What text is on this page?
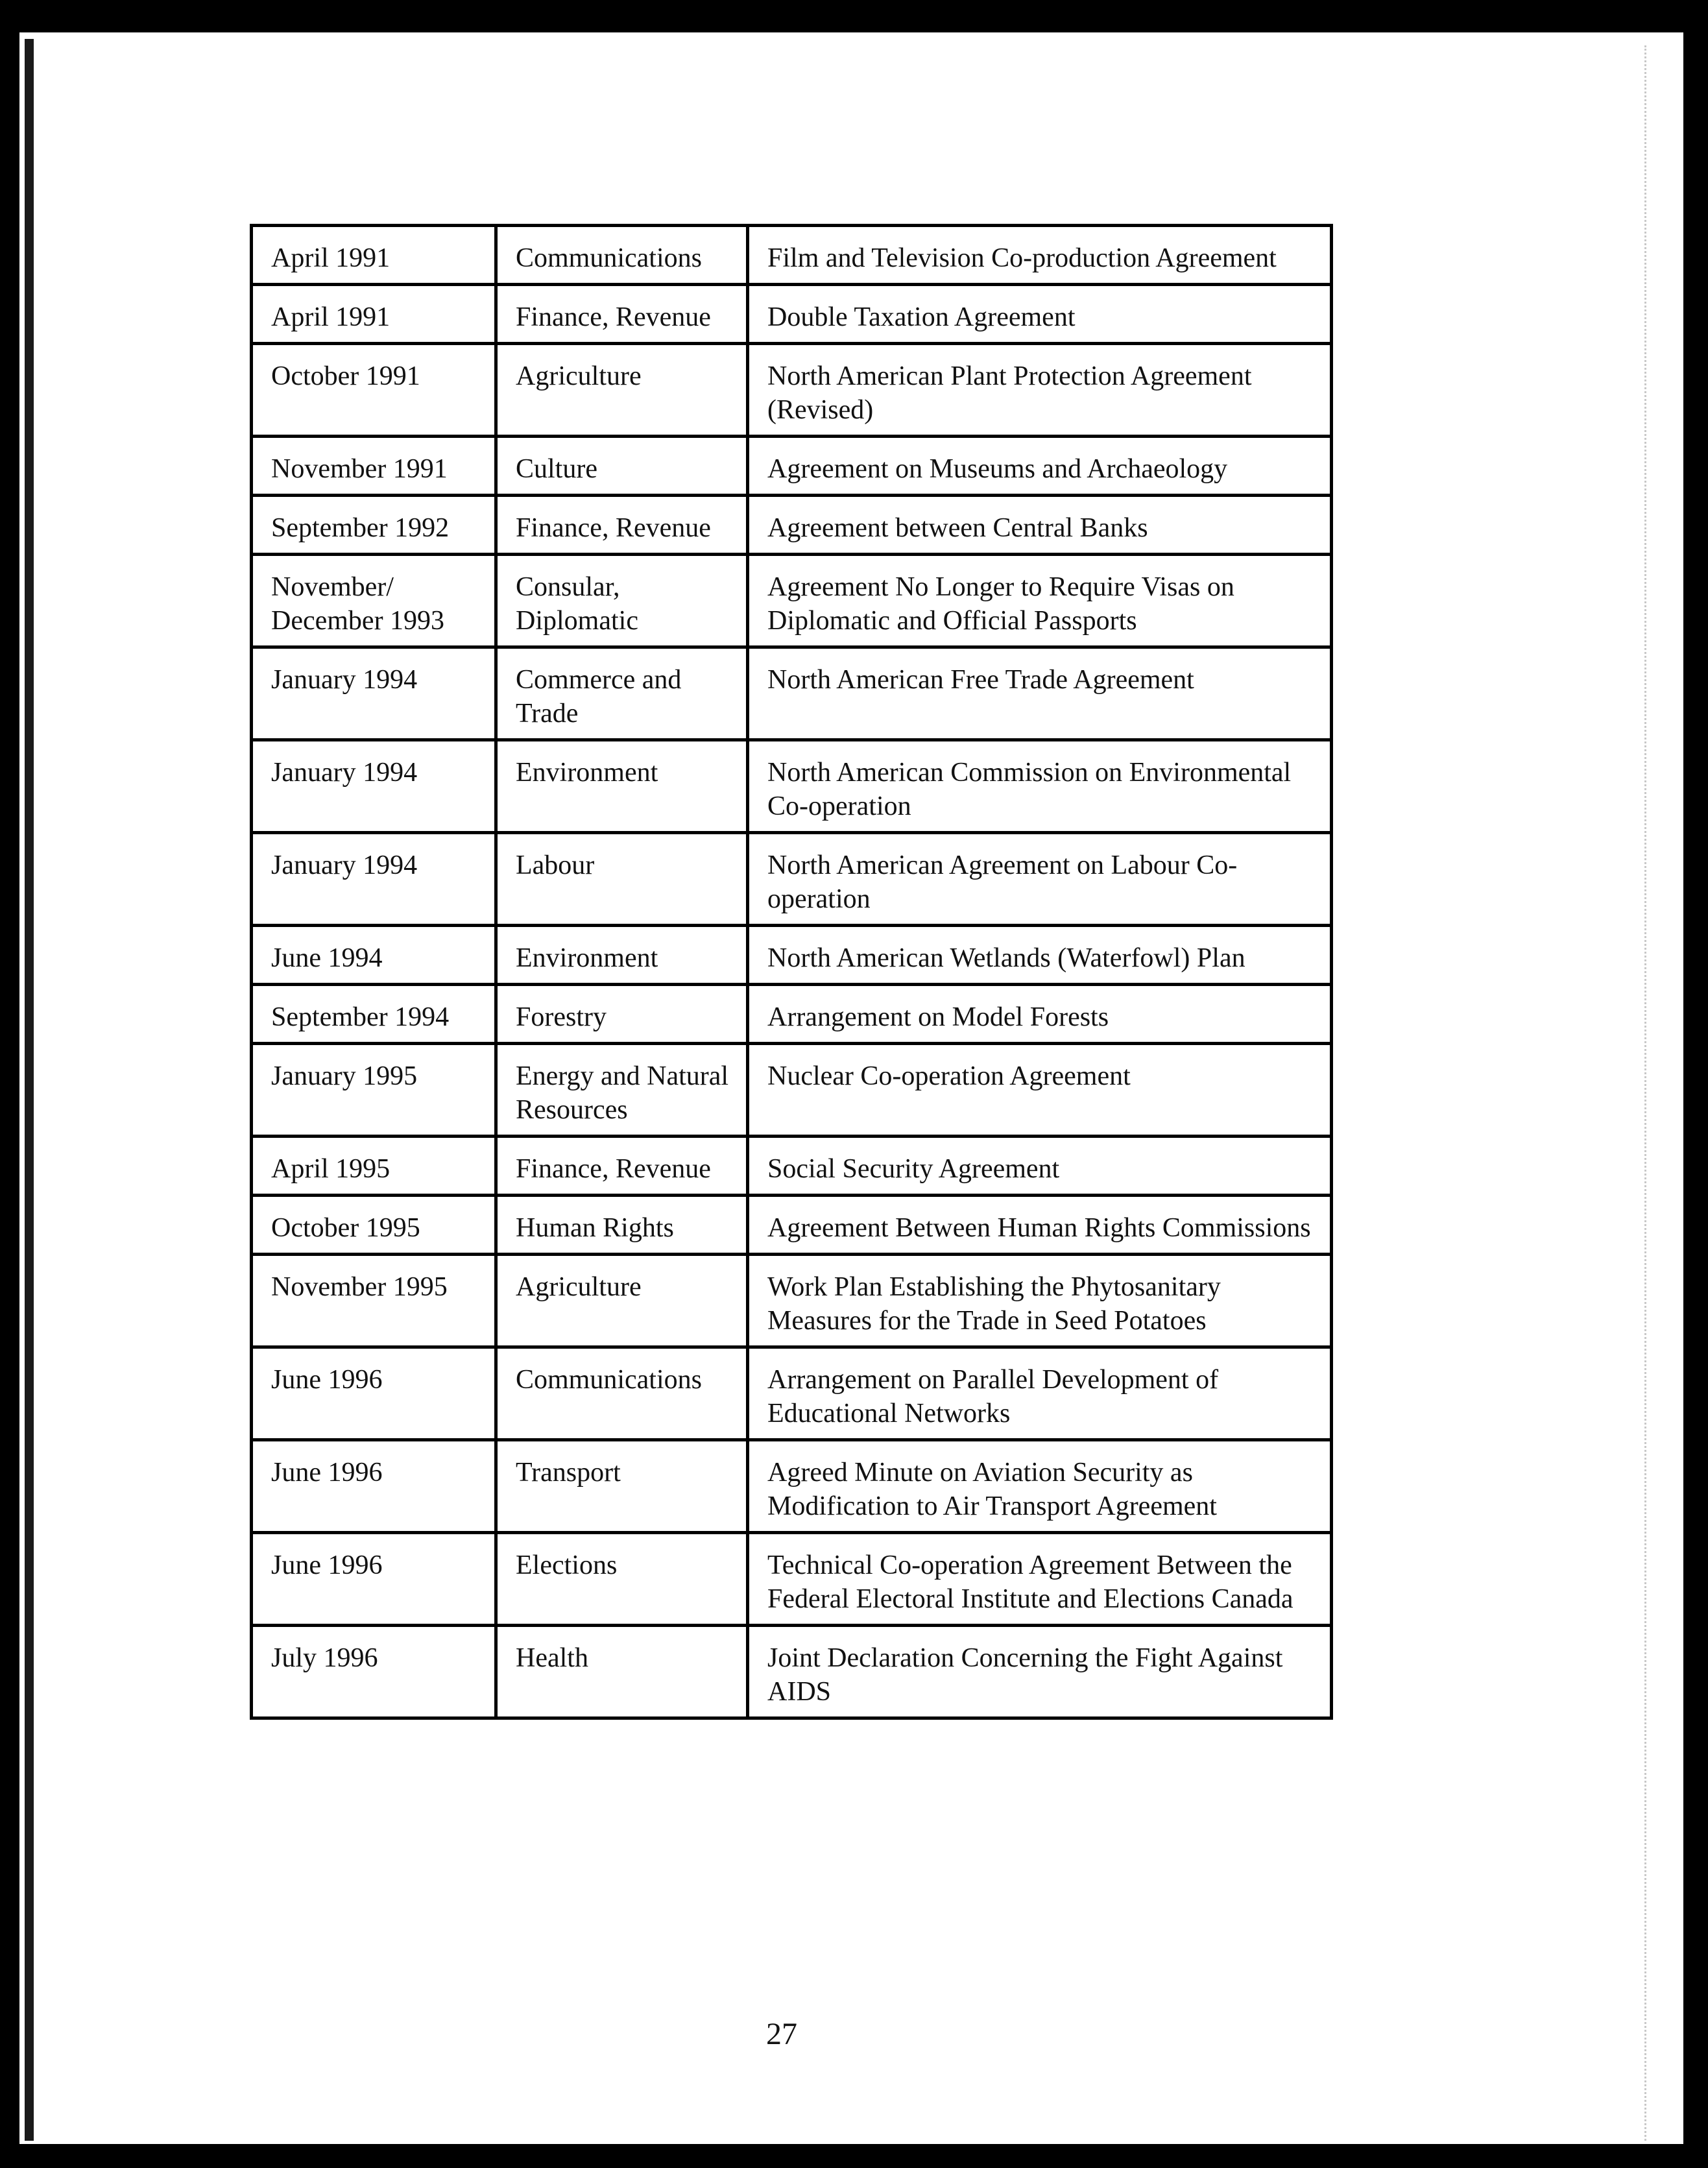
April 1991	Communications	Film and Television Co-production Agreement
April 1991	Finance, Revenue	Double Taxation Agreement
October 1991	Agriculture	North American Plant Protection Agreement (Revised)
November 1991	Culture	Agreement on Museums and Archaeology
September 1992	Finance, Revenue	Agreement between Central Banks
November/ December 1993	Consular, Diplomatic	Agreement No Longer to Require Visas on Diplomatic and Official Passports
January 1994	Commerce and Trade	North American Free Trade Agreement
January 1994	Environment	North American Commission on Environmental Co-operation
January 1994	Labour	North American Agreement on Labour Co-operation
June 1994	Environment	North American Wetlands (Waterfowl) Plan
September 1994	Forestry	Arrangement on Model Forests
January 1995	Energy and Natural Resources	Nuclear Co-operation Agreement
April 1995	Finance, Revenue	Social Security Agreement
October 1995	Human Rights	Agreement Between Human Rights Commissions
November 1995	Agriculture	Work Plan Establishing the Phytosanitary Measures for the Trade in Seed Potatoes
June 1996	Communications	Arrangement on Parallel Development of Educational Networks
June 1996	Transport	Agreed Minute on Aviation Security as Modification to Air Transport Agreement
June 1996	Elections	Technical Co-operation Agreement Between the Federal Electoral Institute and Elections Canada
July 1996	Health	Joint Declaration Concerning the Fight Against AIDS
27
